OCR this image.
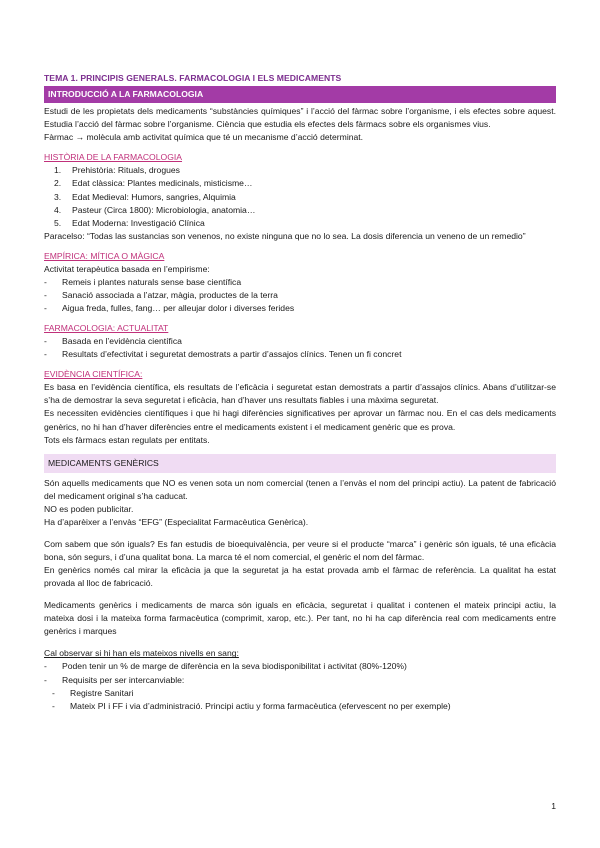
TEMA 1. PRINCIPIS GENERALS. FARMACOLOGIA I ELS MEDICAMENTS
INTRODUCCIÓ A LA FARMACOLOGIA

Estudi de les propietats dels medicaments “substàncies químiques” i l’acció del fàrmac sobre l’organisme, i els efectes sobre aquest. Estudia l’acció del fàrmac sobre l’organisme. Ciència que estudia els efectes dels fàrmacs sobre els organismes vius.

Fàrmac → molècula amb activitat química que té un mecanisme d’acció determinat.

HISTÒRIA DE LA FARMACOLOGIA
1.	Prehistòria: Rituals, drogues
2.	Edat clàssica: Plantes medicinals, misticisme…
3.	Edat Medieval: Humors, sangries, Alquimia
4.	Pasteur (Circa 1800): Microbiologia, anatomia…
5.	Edat Moderna: Investigació Clínica

Paracelso: “Todas las sustancias son venenos, no existe ninguna que no lo sea. La dosis diferencia un veneno de un remedio”

EMPÍRICA: MÍTICA O MÀGICA

Activitat terapèutica basada en l’empirisme:

-	Remeis i plantes naturals sense base científica
-	Sanació associada a l’atzar, màgia, productes de la terra
-	Aigua freda, fulles, fang… per alleujar dolor i diverses ferides
FARMACOLOGIA: ACTUALITAT
-	Basada en l’evidència científica
-	Resultats d’efectivitat i seguretat demostrats a partir d’assajos clínics. Tenen un fi concret
EVIDÈNCIA CIENTÍFICA:

Es basa en l’evidència científica, els resultats de l’eficàcia i seguretat estan demostrats a partir d’assajos clínics. Abans d’utilitzar-se s’ha de demostrar la seva seguretat i eficàcia, han d’haver uns resultats fiables i una màxima seguretat.

Es necessiten evidències científiques i que hi hagi diferències significatives per aprovar un fàrmac nou. En el cas dels medicaments genèrics, no hi han d’haver diferències entre el medicaments existent i el medicament genèric que es prova.

Tots els fàrmacs estan regulats per entitats.

MEDICAMENTS GENÈRICS

Són aquells medicaments que NO es venen sota un nom comercial (tenen a l’envàs el nom del principi actiu). La patent de fabricació del medicament original s’ha caducat.

NO es poden publicitar.

Ha d’aparèixer a l’envàs “EFG” (Especialitat Farmacèutica Genèrica).

Com sabem que són iguals? Es fan estudis de bioequivalència, per veure si el producte “marca” i genèric són iguals, té una eficàcia bona, són segurs, i d’una qualitat bona. La marca té el nom comercial, el genèric el nom del fàrmac.

En genèrics només cal mirar la eficàcia ja que la seguretat ja ha estat provada amb el fàrmac de referència. La qualitat ha estat provada al lloc de fabricació.

Medicaments genèrics i medicaments de marca són iguals en eficàcia, seguretat i qualitat i contenen el mateix principi actiu, la mateixa dosi i la mateixa forma farmacèutica (comprimit, xarop, etc.). Per tant, no hi ha cap diferència real com medicaments entre genèrics i marques

Cal observar si hi han els mateixos nivells en sang:

-	Poden tenir un % de marge de diferència en la seva biodisponibilitat i activitat (80%-120%)
-	Requisits per ser intercanviable:
-	Registre Sanitari
-	Mateix PI i FF i via d’administració. Principi actiu y forma farmacèutica (efervescent no per exemple)
1
